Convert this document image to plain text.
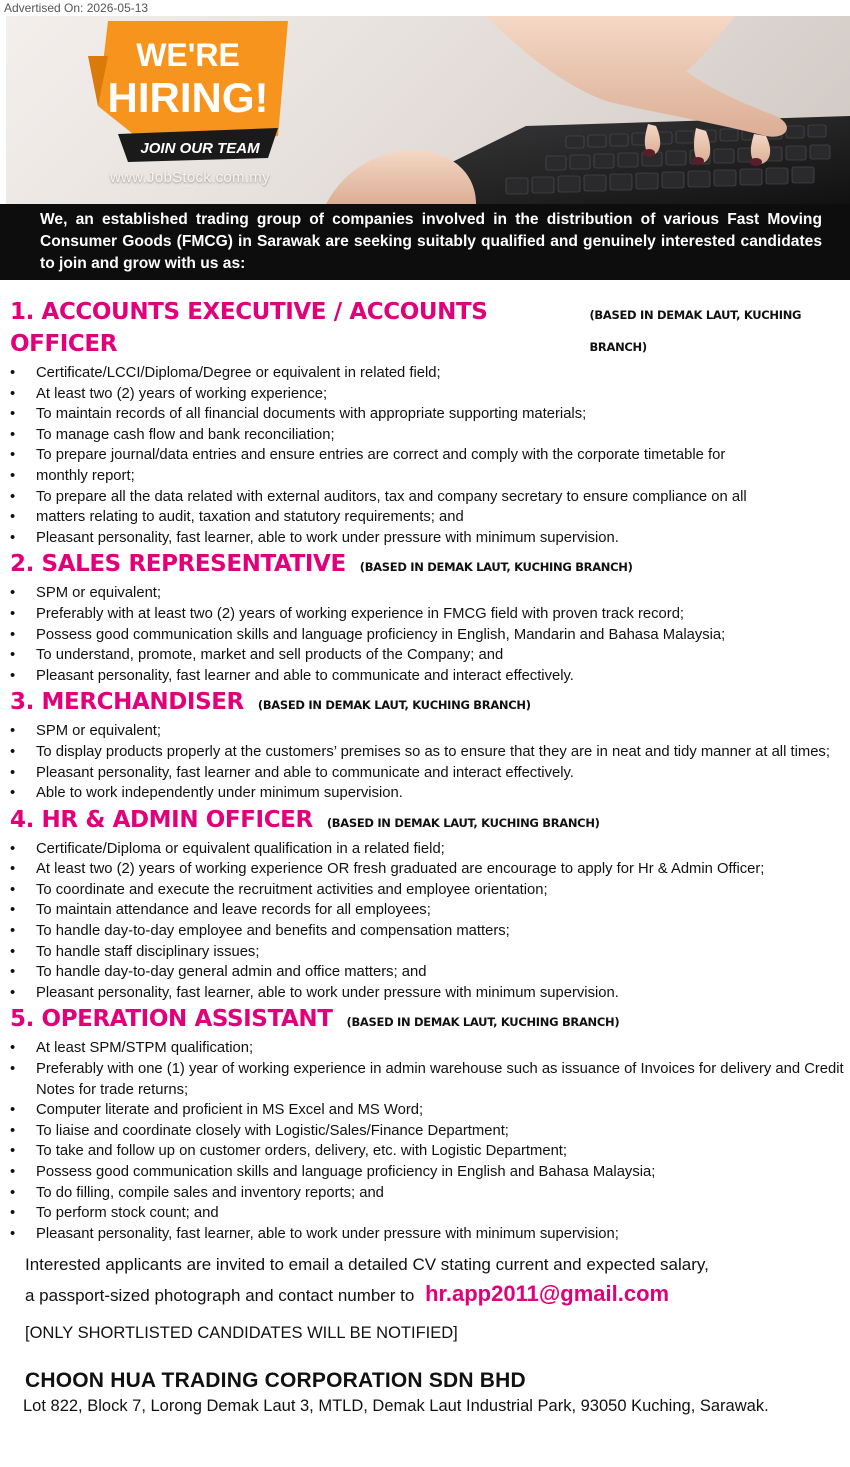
Advertised On: 2026-05-13
WE'RE
HIRING!
JOIN OUR TEAM
www.JobStock.com.my
We, an established trading group of companies involved in the distribution of various Fast Moving Consumer Goods (FMCG) in Sarawak are seeking suitably qualified and genuinely interested candidates to join and grow with us as:
1. ACCOUNTS EXECUTIVE / ACCOUNTS OFFICER
(BASED IN DEMAK LAUT, KUCHING BRANCH)
• Certificate/LCCI/Diploma/Degree or equivalent in related field;
• At least two (2) years of working experience;
• To maintain records of all financial documents with appropriate supporting materials;
• To manage cash flow and bank reconciliation;
• To prepare journal/data entries and ensure entries are correct and comply with the corporate timetable for
• monthly report;
• To prepare all the data related with external auditors, tax and company secretary to ensure compliance on all
• matters relating to audit, taxation and statutory requirements; and
• Pleasant personality, fast learner, able to work under pressure with minimum supervision.
2. SALES REPRESENTATIVE (BASED IN DEMAK LAUT, KUCHING BRANCH)
• SPM or equivalent;
• Preferably with at least two (2) years of working experience in FMCG field with proven track record;
• Possess good communication skills and language proficiency in English, Mandarin and Bahasa Malaysia;
• To understand, promote, market and sell products of the Company; and
• Pleasant personality, fast learner and able to communicate and interact effectively.
3. MERCHANDISER (BASED IN DEMAK LAUT, KUCHING BRANCH)
• SPM or equivalent;
• To display products properly at the customers’ premises so as to ensure that they are in neat and tidy manner at all times;
• Pleasant personality, fast learner and able to communicate and interact effectively.
• Able to work independently under minimum supervision.
4. HR & ADMIN OFFICER (BASED IN DEMAK LAUT, KUCHING BRANCH)
• Certificate/Diploma or equivalent qualification in a related field;
• At least two (2) years of working experience OR fresh graduated are encourage to apply for Hr & Admin Officer;
• To coordinate and execute the recruitment activities and employee orientation;
• To maintain attendance and leave records for all employees;
• To handle day-to-day employee and benefits and compensation matters;
• To handle staff disciplinary issues;
• To handle day-to-day general admin and office matters; and
• Pleasant personality, fast learner, able to work under pressure with minimum supervision.
5. OPERATION ASSISTANT (BASED IN DEMAK LAUT, KUCHING BRANCH)
• At least SPM/STPM qualification;
• Preferably with one (1) year of working experience in admin warehouse such as issuance of Invoices for delivery and Credit Notes for trade returns;
• Computer literate and proficient in MS Excel and MS Word;
• To liaise and coordinate closely with Logistic/Sales/Finance Department;
• To take and follow up on customer orders, delivery, etc. with Logistic Department;
• Possess good communication skills and language proficiency in English and Bahasa Malaysia;
• To do filling, compile sales and inventory reports; and
• To perform stock count; and
• Pleasant personality, fast learner, able to work under pressure with minimum supervision;
Interested applicants are invited to email a detailed CV stating current and expected salary,
a passport-sized photograph and contact number to hr.app2011@gmail.com
[ONLY SHORTLISTED CANDIDATES WILL BE NOTIFIED]
CHOON HUA TRADING CORPORATION SDN BHD
Lot 822, Block 7, Lorong Demak Laut 3, MTLD, Demak Laut Industrial Park, 93050 Kuching, Sarawak.
